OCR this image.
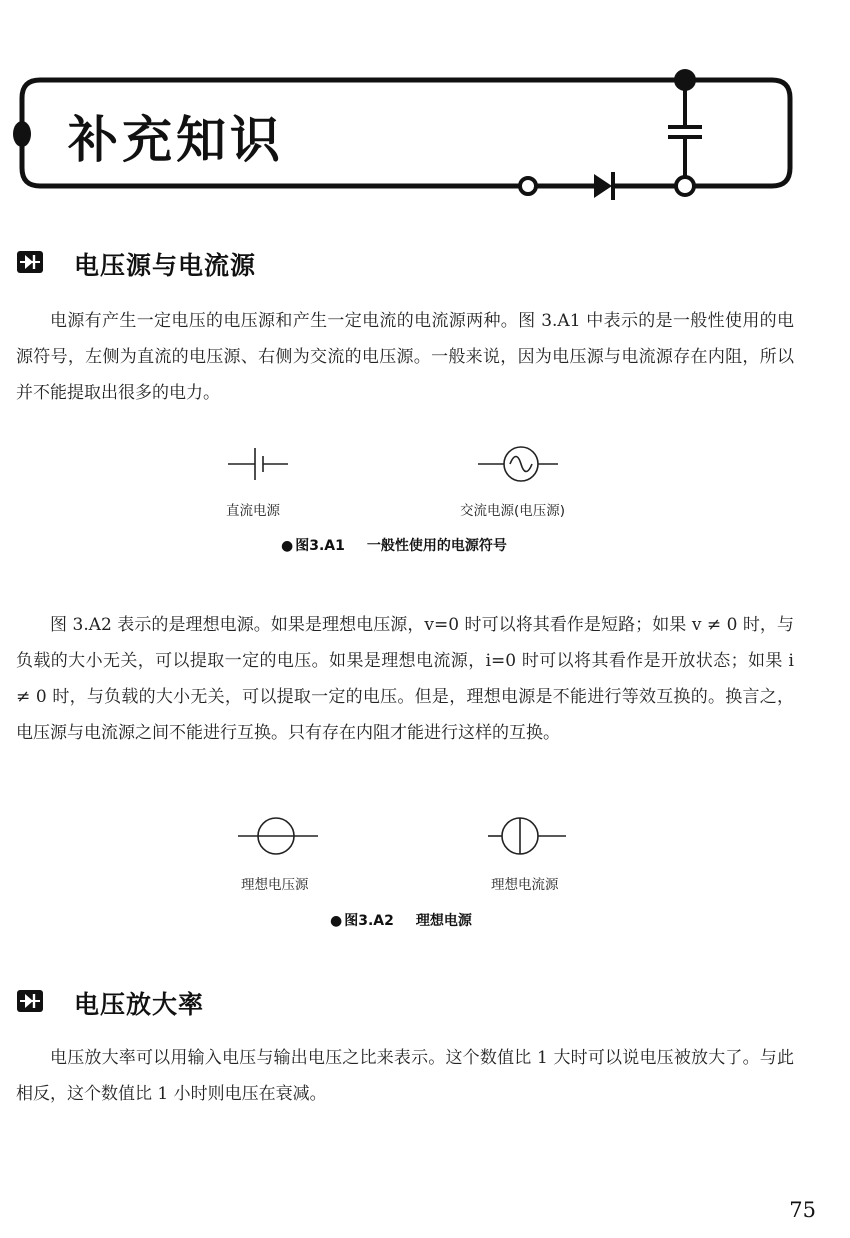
补充知识
电压源与电流源

电源有产生一定电压的电压源和产生一定电流的电流源两种。图 3.A1 中表示的是一般性使用的电源符号，左侧为直流的电压源、右侧为交流的电压源。一般来说，因为电压源与电流源存在内阻，所以并不能提取出很多的电力。

直流电源	交流电源(电压源)
● 图3.A1 一般性使用的电源符号

图 3.A2 表示的是理想电源。如果是理想电压源，v=0 时可以将其看作是短路；如果 v ≠ 0 时，与负载的大小无关，可以提取一定的电压。如果是理想电流源，i=0 时可以将其看作是开放状态；如果 i ≠ 0 时，与负载的大小无关，可以提取一定的电压。但是，理想电源是不能进行等效互换的。换言之，电压源与电流源之间不能进行互换。只有存在内阻才能进行这样的互换。

理想电压源	理想电流源
● 图3.A2 理想电源
电压放大率

电压放大率可以用输入电压与输出电压之比来表示。这个数值比 1 大时可以说电压被放大了。与此相反，这个数值比 1 小时则电压在衰减。

75
